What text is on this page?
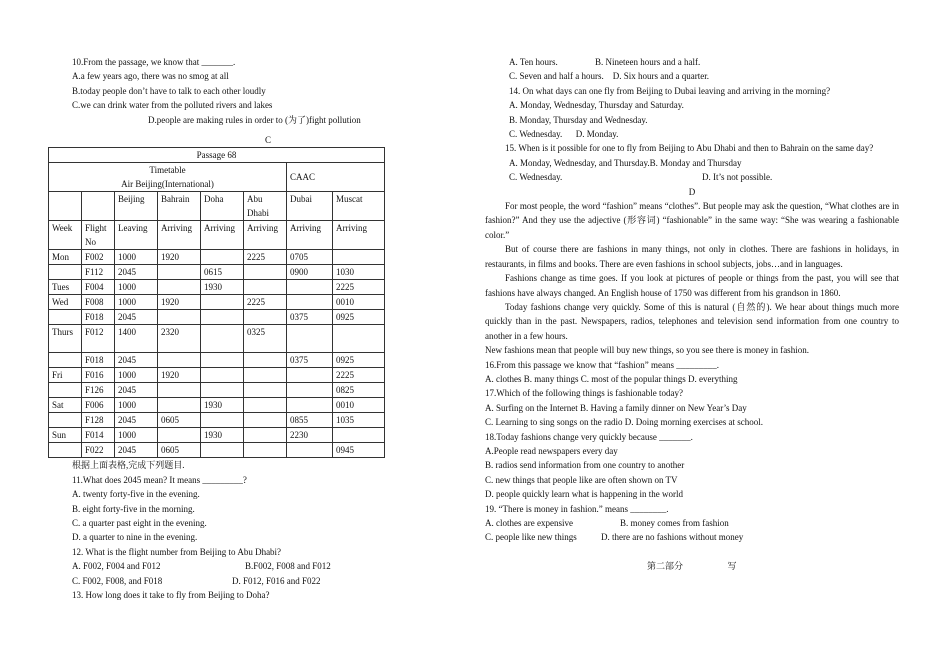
10.From the passage, we know that _______.
A.a few years ago, there was no smog at all
B.today people don’t have to talk to each other loudly
C.we can drink water from the polluted rivers and lakes
D.people are making rules in order to (为了)fight pollution
C
Passage 68							

Timetable
Air Beijing(International)						CAAC	
		Beijing	Bahrain	Doha	Abu Dhabi	Dubai	Muscat
Week	Flight No	Leaving	Arriving	Arriving	Arriving	Arriving	Arriving
Mon	F002	1000	1920		2225	0705	
	F112	2045		0615		0900	1030
Tues	F004	1000		1930			2225
Wed	F008	1000	1920		2225		0010
	F018	2045				0375	0925
Thurs	F012	1400	2320		0325		
	F018	2045				0375	0925
Fri	F016	1000	1920				2225
	F126	2045					0825
Sat	F006	1000		1930			0010
	F128	2045	0605			0855	1035
Sun	F014	1000		1930		2230	
	F022	2045	0605				0945
根据上面表格,完成下列题目.
11.What does 2045 mean? It means _________?
A. twenty forty-five in the evening.
B. eight forty-five in the morning.
C. a quarter past eight in the evening.
D. a quarter to nine in the evening.
12. What is the flight number from Beijing to Abu Dhabi?
A. F002, F004 and F012	B.F002, F008 and F012
C. F002, F008, and F018	D. F012, F016 and F022
13. How long does it take to fly from Beijing to Doha?
A. Ten hours.	B. Nineteen hours and a half.
C. Seven and half a hours.    D. Six hours and a quarter.
14. On what days can one fly from Beijing to Dubai leaving and arriving in the morning?
A. Monday, Wednesday, Thursday and Saturday.
B. Monday, Thursday and Wednesday.
C. Wednesday.      D. Monday.
15. When is it possible for one to fly from Beijing to Abu Dhabi and then to Bahrain on the same day?
A. Monday, Wednesday, and Thursday.B. Monday and Thursday
C. Wednesday.	D. It’s not possible.
D
For most people, the word “fashion” means “clothes”. But people may ask the question, “What clothes are in fashion?” And they use the adjective (形容词) “fashionable” in the same way: “She was wearing a fashionable color.”
But of course there are fashions in many things, not only in clothes. There are fashions in holidays, in restaurants, in films and books. There are even fashions in school subjects, jobs…and in languages.
Fashions change as time goes. If you look at pictures of people or things from the past, you will see that fashions have always changed. An English house of 1750 was different from his grandson in 1860.
Today fashions change very quickly. Some of this is natural (自然的). We hear about things much more quickly than in the past. Newspapers, radios, telephones and television send information from one country to another in a few hours.
New fashions mean that people will buy new things, so you see there is money in fashion.
16.From this passage we know that “fashion” means _________.
A. clothes B. many things C. most of the popular things D. everything
17.Which of the following things is fashionable today?
A. Surfing on the Internet B. Having a family dinner on New Year’s Day
C. Learning to sing songs on the radio D. Doing morning exercises at school.
18.Today fashions change very quickly because _______.
A.People read newspapers every day
B. radios send information from one country to another
C. new things that people like are often shown on TV
D. people quickly learn what is happening in the world
19. “There is money in fashion.” means ________.
A. clothes are expensive	B. money comes from fashion
C. people like new things	D. there are no fashions without money
第二部分	写
